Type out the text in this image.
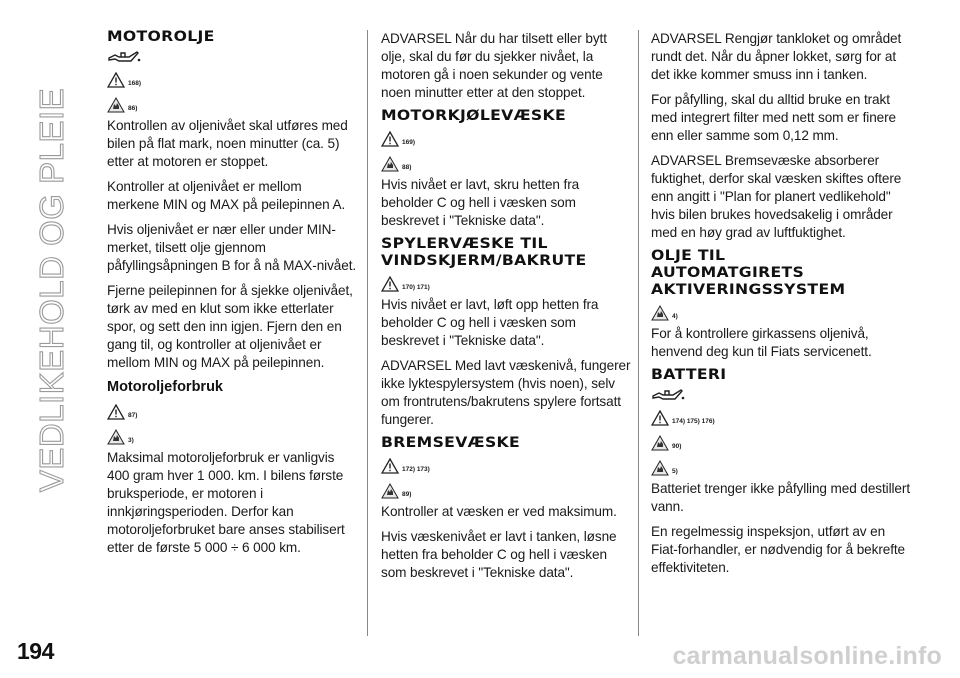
VEDLIKEHOLD OG PLEIE
194	carmanualsonline.info
MOTOROLJE
168)
86)

Kontrollen av oljenivået skal utføres med bilen på flat mark, noen minutter (ca. 5) etter at motoren er stoppet.

Kontroller at oljenivået er mellom merkene MIN og MAX på peilepinnen A.

Hvis oljenivået er nær eller under MIN-merket, tilsett olje gjennom påfyllingsåpningen B for å nå MAX-nivået.

Fjerne peilepinnen for å sjekke oljenivået, tørk av med en klut som ikke etterlater spor, og sett den inn igjen. Fjern den en gang til, og kontroller at oljenivået er mellom MIN og MAX på peilepinnen.

Motoroljeforbruk
87)
3)

Maksimal motoroljeforbruk er vanligvis 400 gram hver 1 000. km. I bilens første bruksperiode, er motoren i innkjøringsperioden. Derfor kan motoroljeforbruket bare anses stabilisert etter de første 5 000 ÷ 6 000 km.

ADVARSEL Når du har tilsett eller bytt olje, skal du før du sjekker nivået, la motoren gå i noen sekunder og vente noen minutter etter at den stoppet.

MOTORKJØLEVÆSKE
169)
88)

Hvis nivået er lavt, skru hetten fra beholder C og hell i væsken som beskrevet i "Tekniske data".

SPYLERVÆSKE TIL
VINDSKJERM/BAKRUTE
170) 171)

Hvis nivået er lavt, løft opp hetten fra beholder C og hell i væsken som beskrevet i "Tekniske data".

ADVARSEL Med lavt væskenivå, fungerer ikke lyktespylersystem (hvis noen), selv om frontrutens/bakrutens spylere fortsatt fungerer.

BREMSEVÆSKE
172) 173)
89)

Kontroller at væsken er ved maksimum.

Hvis væskenivået er lavt i tanken, løsne hetten fra beholder C og hell i væsken som beskrevet i "Tekniske data".

ADVARSEL Rengjør tankloket og området rundt det. Når du åpner lokket, sørg for at det ikke kommer smuss inn i tanken.

For påfylling, skal du alltid bruke en trakt med integrert filter med nett som er finere enn eller samme som 0,12 mm.

ADVARSEL Bremsevæske absorberer fuktighet, derfor skal væsken skiftes oftere enn angitt i "Plan for planert vedlikehold" hvis bilen brukes hovedsakelig i områder med en høy grad av luftfuktighet.

OLJE TIL
AUTOMATGIRETS
AKTIVERINGSSYSTEM
4)

For å kontrollere girkassens oljenivå, henvend deg kun til Fiats servicenett.

BATTERI
174) 175) 176)
90)
5)

Batteriet trenger ikke påfylling med destillert vann.

En regelmessig inspeksjon, utført av en Fiat-forhandler, er nødvendig for å bekrefte effektiviteten.
